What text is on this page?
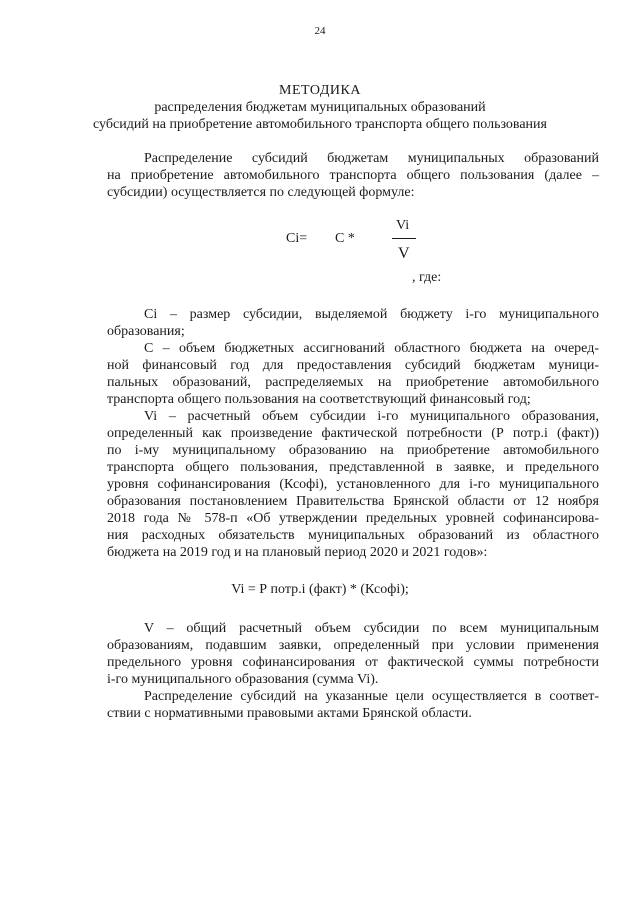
24
МЕТОДИКА
распределения бюджетам муниципальных образований
субсидий на приобретение автомобильного транспорта общего пользования
Распределение субсидий бюджетам муниципальных образований
на приобретение автомобильного транспорта общего пользования (далее –
субсидии) осуществляется по следующей формуле:
Ci= C *
Vi
V
, где:
Ci – размер субсидии, выделяемой бюджету i-го муниципального
образования;
С – объем бюджетных ассигнований областного бюджета на очеред-
ной финансовый год для предоставления субсидий бюджетам муници-
пальных образований, распределяемых на приобретение автомобильного
транспорта общего пользования на соответствующий финансовый год;
Vi – расчетный объем субсидии i-го муниципального образования,
определенный как произведение фактической потребности (Р потр.i (факт))
по i-му муниципальному образованию на приобретение автомобильного
транспорта общего пользования, представленной в заявке, и предельного
уровня софинансирования (Ксофi), установленного для i-го муниципального
образования постановлением Правительства Брянской области от 12 ноября
2018 года № 578-п «Об утверждении предельных уровней софинансирова-
ния расходных обязательств муниципальных образований из областного
бюджета на 2019 год и на плановый период 2020 и 2021 годов»:
Vi = Р потр.i (факт) * (Ксофi);
V – общий расчетный объем субсидии по всем муниципальным
образованиям, подавшим заявки, определенный при условии применения
предельного уровня софинансирования от фактической суммы потребности
i-го муниципального образования (сумма Vi).
Распределение субсидий на указанные цели осуществляется в соответ-
ствии с нормативными правовыми актами Брянской области.
